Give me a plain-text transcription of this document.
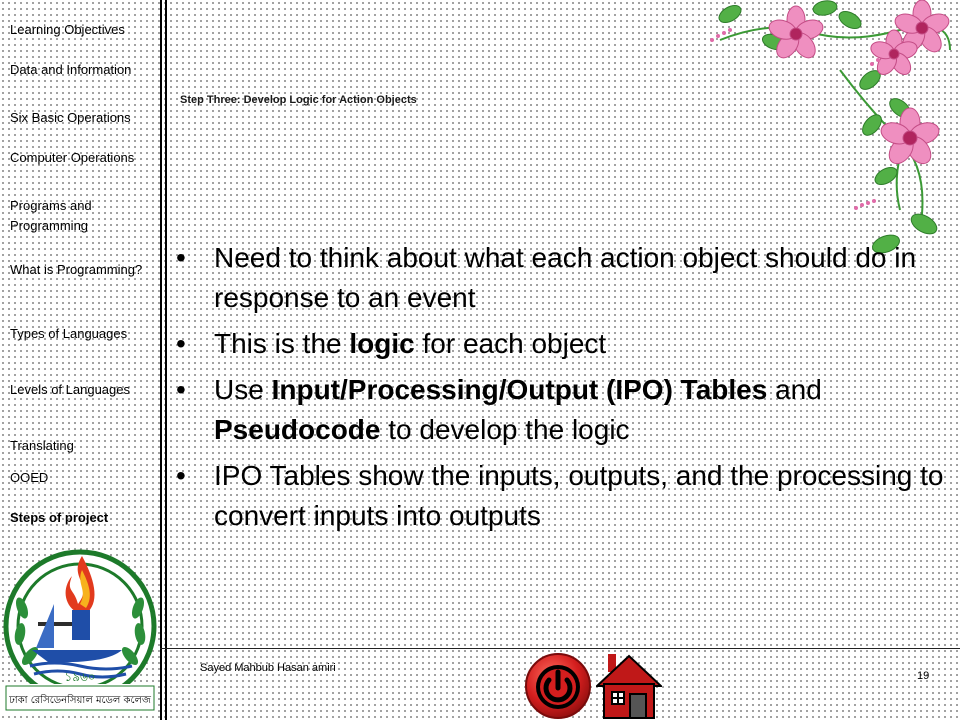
Learning Objectives
Data and Information
Six Basic Operations
Computer Operations
Programs and Programming
What is Programming?
Types of Languages
Levels of Languages
Translating
OOED
Steps of project
১৯৬০
ঢাকা রেসিডেনসিয়াল মডেল কলেজ
Step Three: Develop Logic for Action Objects
• Need to think about what each action object should do in response to an event
• This is the logic for each object
• Use Input/Processing/Output (IPO) Tables and Pseudocode to develop the logic
• IPO Tables show the inputs, outputs, and the processing to convert inputs into outputs
Sayed Mahbub Hasan amiri
19
